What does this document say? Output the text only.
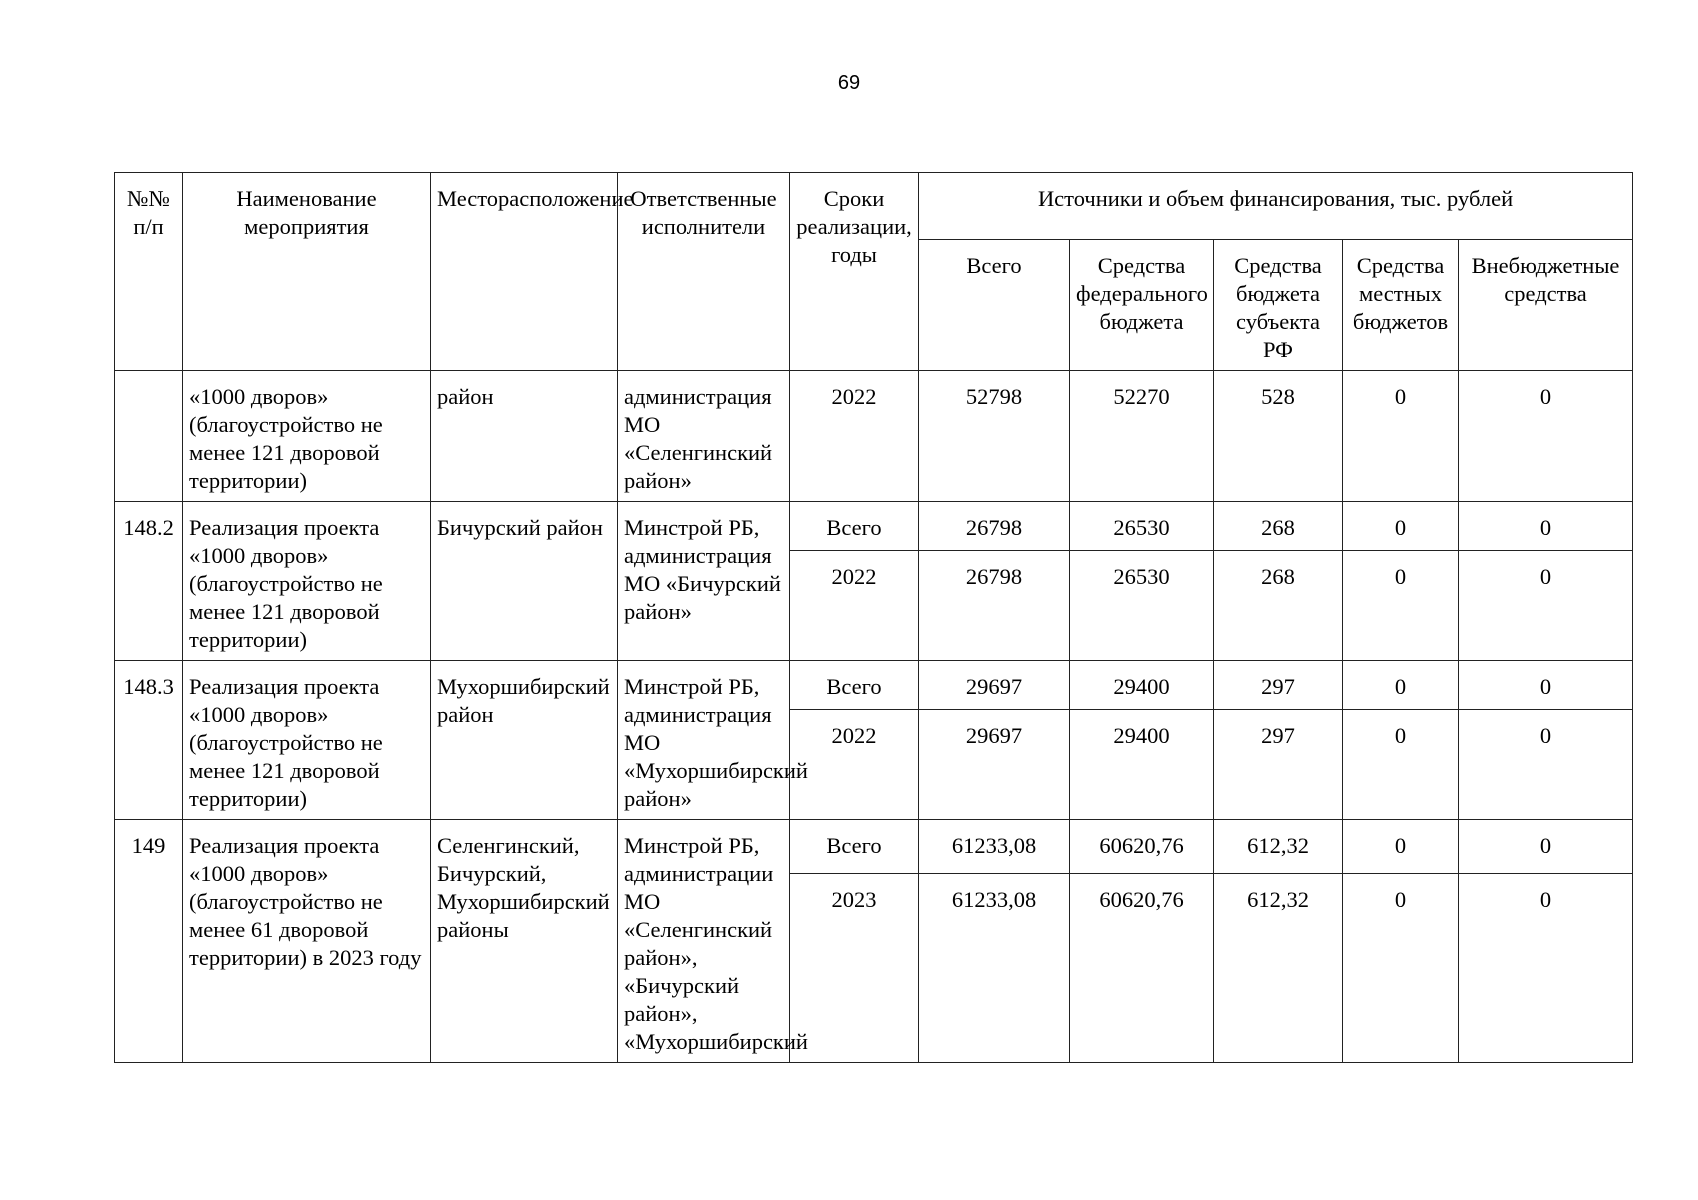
69
№№ п/п	Наименование мероприятия	Месторасположение	Ответственные исполнители	Сроки реализации, годы	Источники и объем финансирования, тыс. рублей				
					Всего	Средства федерального бюджета	Средства бюджета субъекта РФ	Средства местных бюджетов	Внебюджетные средства
	«1000 дворов» (благоустройство не менее 121 дворовой территории)	район	администрация МО «Селенгинский район»	2022	52798	52270	528	0	0
148.2	Реализация проекта «1000 дворов» (благоустройство не менее 121 дворовой территории)	Бичурский район	Минстрой РБ, администрация МО «Бичурский район»	Всего	26798	26530	268	0	0
				2022	26798	26530	268	0	0
148.3	Реализация проекта «1000 дворов» (благоустройство не менее 121 дворовой территории)	Мухоршибирский район	Минстрой РБ, администрация МО «Мухоршибирский район»	Всего	29697	29400	297	0	0
				2022	29697	29400	297	0	0
149	Реализация проекта «1000 дворов» (благоустройство не менее 61 дворовой территории) в 2023 году	Селенгинский, Бичурский, Мухоршибирский районы	Минстрой РБ, администрации МО «Селенгинский район», «Бичурский район», «Мухоршибирский	Всего	61233,08	60620,76	612,32	0	0
				2023	61233,08	60620,76	612,32	0	0
